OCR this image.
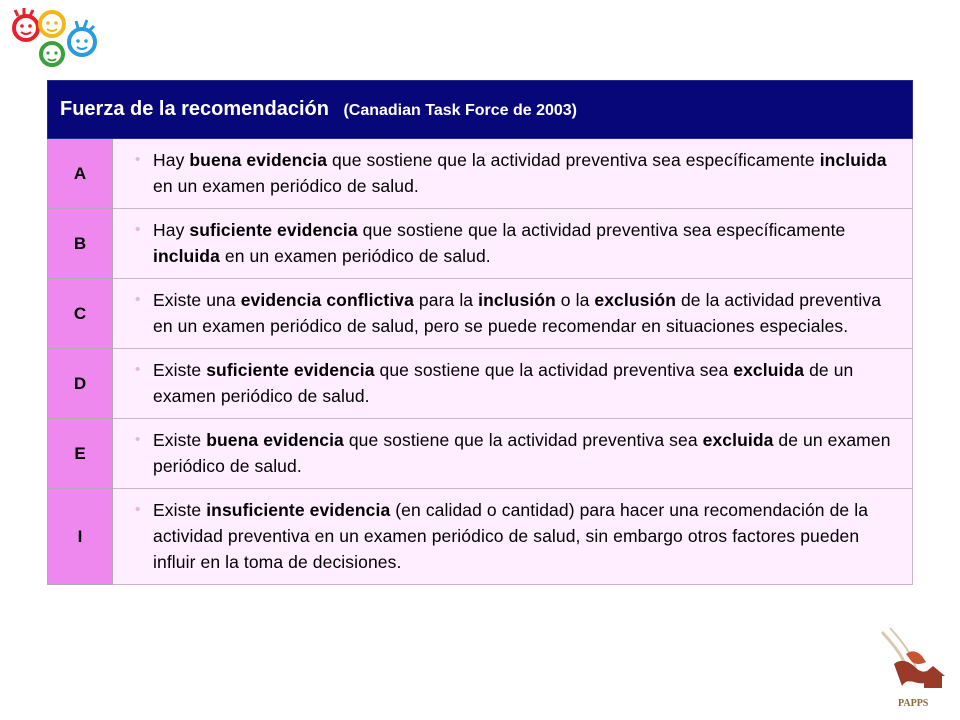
Fuerza de la recomendación (Canadian Task Force de 2003)	
A	• Hay buena evidencia que sostiene que la actividad preventiva sea específicamente incluida en un examen periódico de salud.
B	• Hay suficiente evidencia que sostiene que la actividad preventiva sea específicamente incluida en un examen periódico de salud.
C	• Existe una evidencia conflictiva para la inclusión o la exclusión de la actividad preventiva en un examen periódico de salud, pero se puede recomendar en situaciones especiales.
D	• Existe suficiente evidencia que sostiene que la actividad preventiva sea excluida de un examen periódico de salud.
E	• Existe buena evidencia que sostiene que la actividad preventiva sea excluida de un examen periódico de salud.
I	• Existe insuficiente evidencia (en calidad o cantidad) para hacer una recomendación de la actividad preventiva en un examen periódico de salud, sin embargo otros factores pueden influir en la toma de decisiones.
PAPPS
